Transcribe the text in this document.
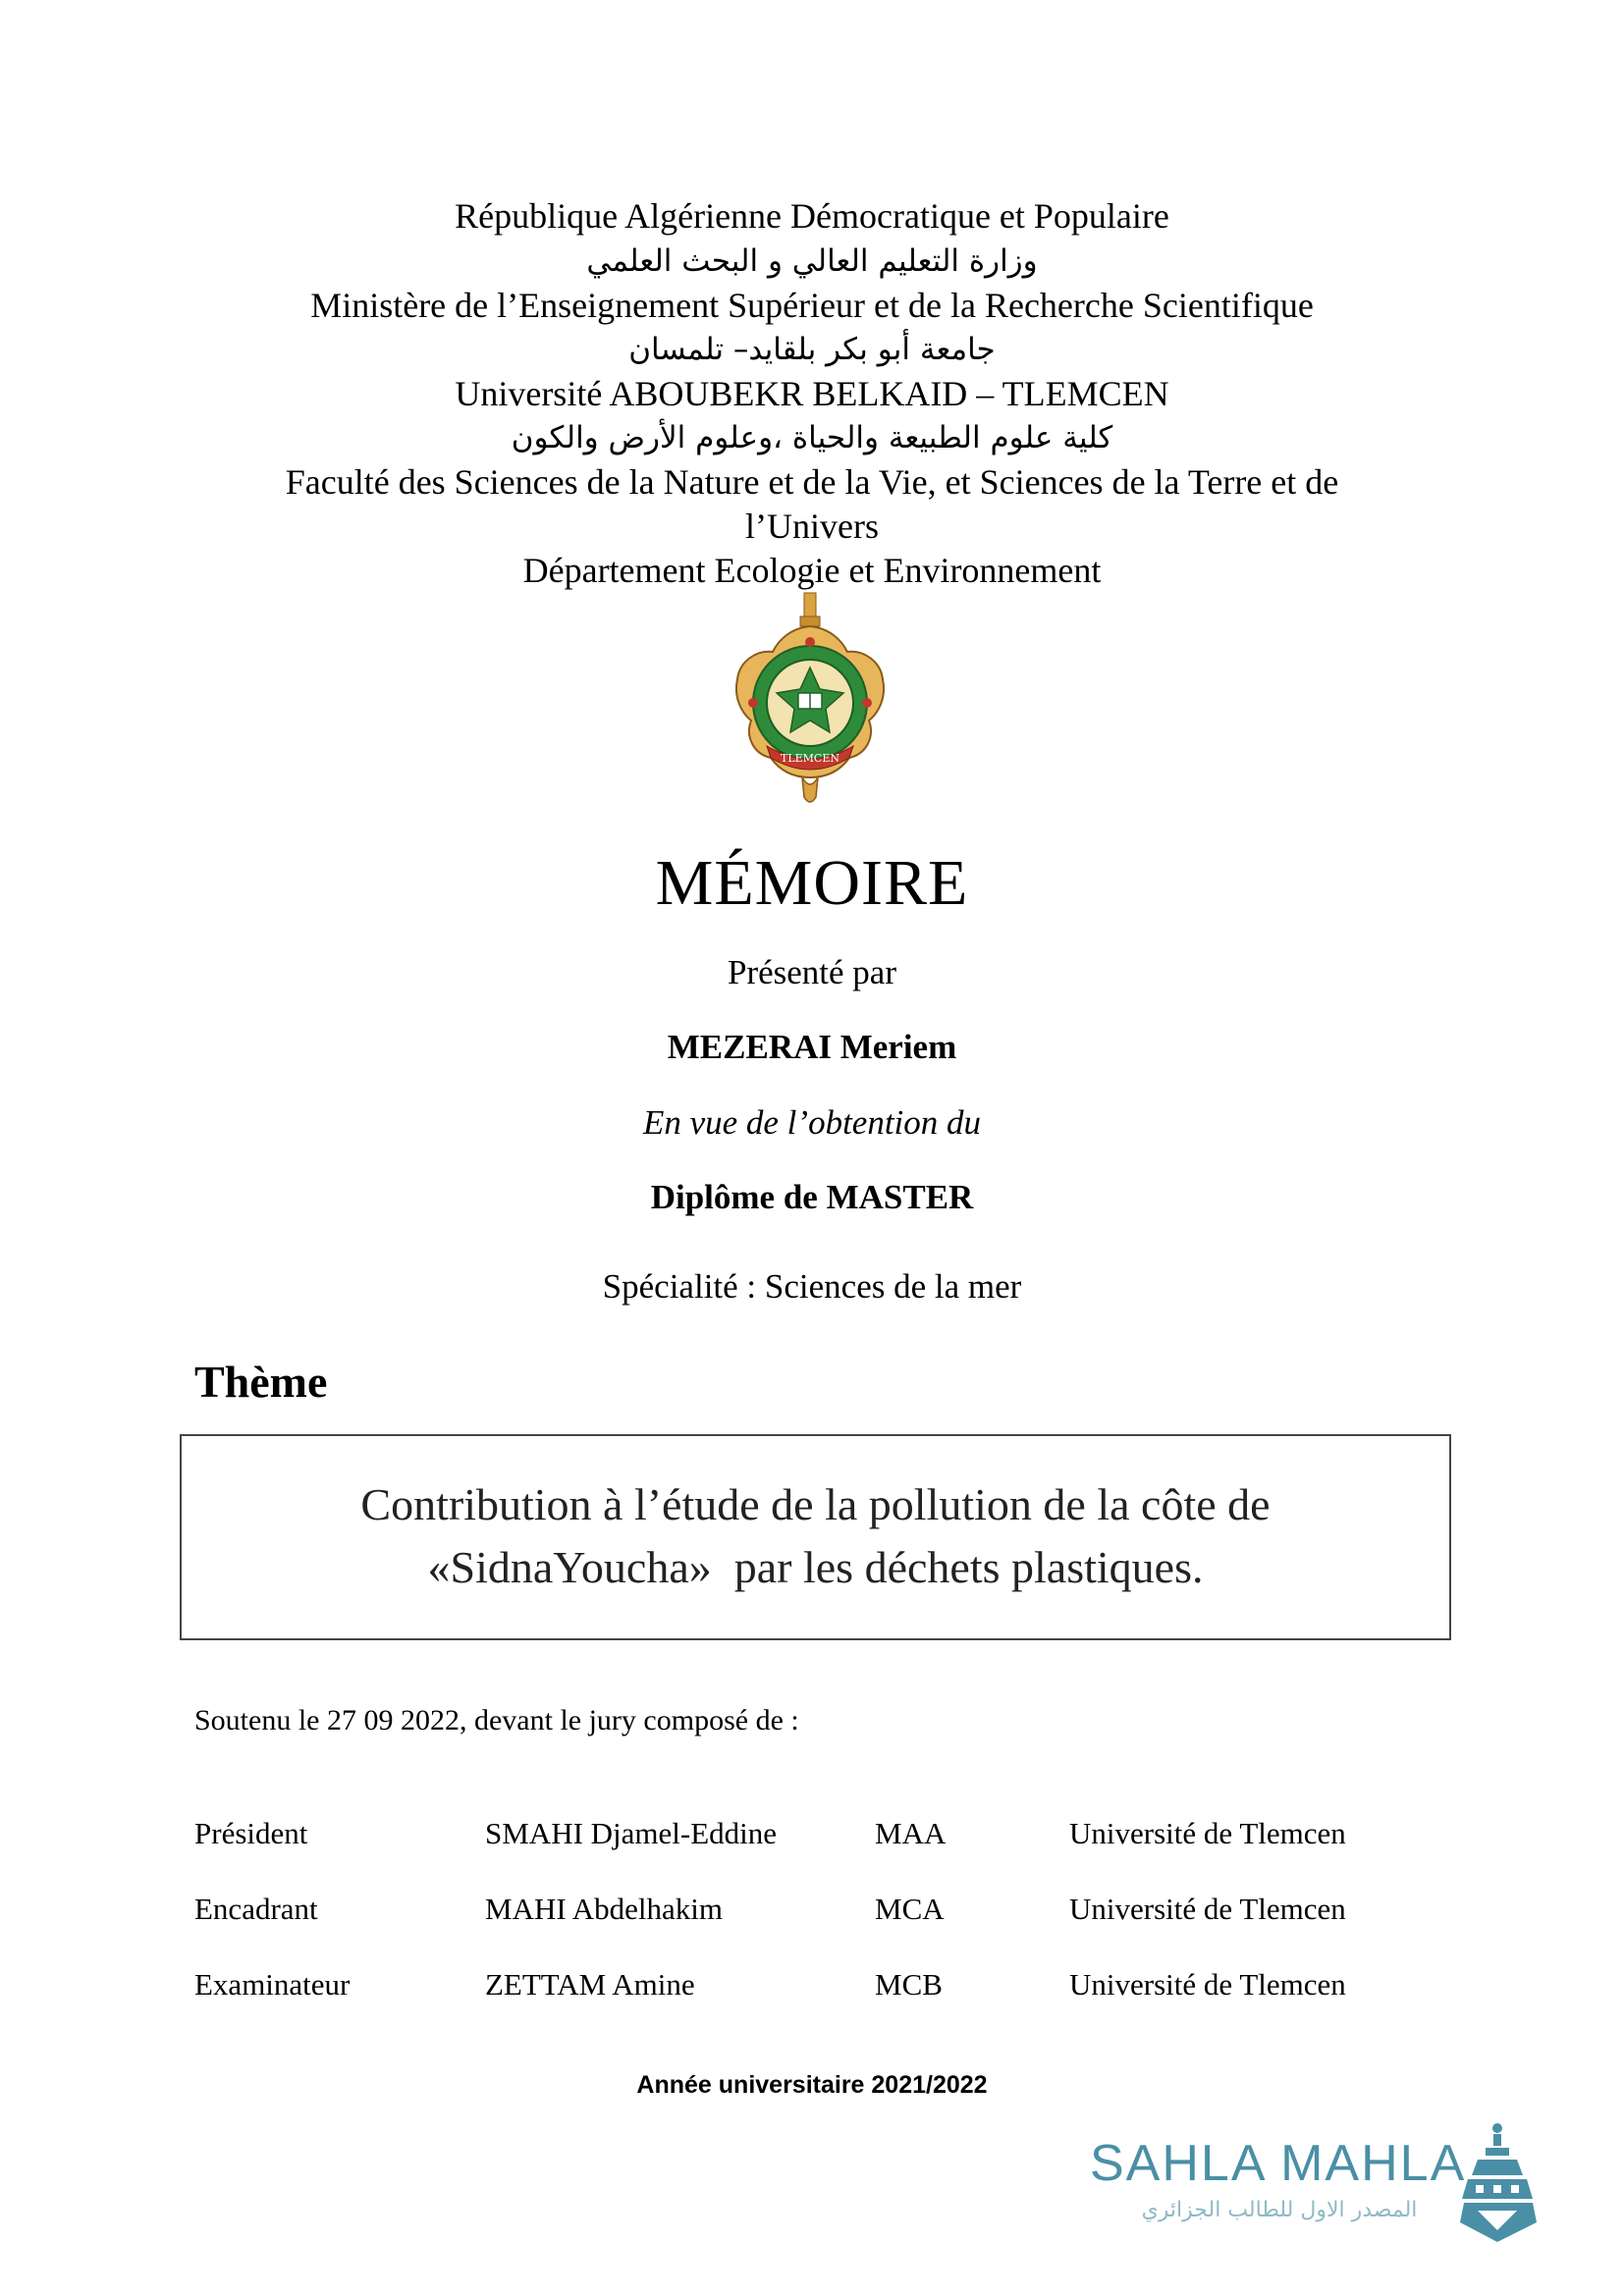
République Algérienne Démocratique et Populaire
وزارة التعليم العالي و البحث العلمي
Ministère de l’Enseignement Supérieur et de la Recherche Scientifique
جامعة أبو بكر بلقايد– تلمسان
Université ABOUBEKR BELKAID – TLEMCEN
كلية علوم الطبيعة والحياة ،وعلوم الأرض والكون
Faculté des Sciences de la Nature et de la Vie, et Sciences de la Terre et de
l’Univers
Département Ecologie et Environnement
TLEMCEN
MÉMOIRE
Présenté par
MEZERAI Meriem
En vue de l’obtention du
Diplôme de MASTER
Spécialité : Sciences de la mer
Thème
Contribution à l’étude de la pollution de la côte de
«SidnaYoucha»  par les déchets plastiques.
Soutenu le 27 09 2022, devant le jury composé de :
Président	SMAHI Djamel-Eddine	MAA	Université de Tlemcen
Encadrant	MAHI Abdelhakim	MCA	Université de Tlemcen
Examinateur	ZETTAM Amine	MCB	Université de Tlemcen
Année universitaire 2021/2022
SAHLA MAHLA
المصدر الاول للطالب الجزائري
